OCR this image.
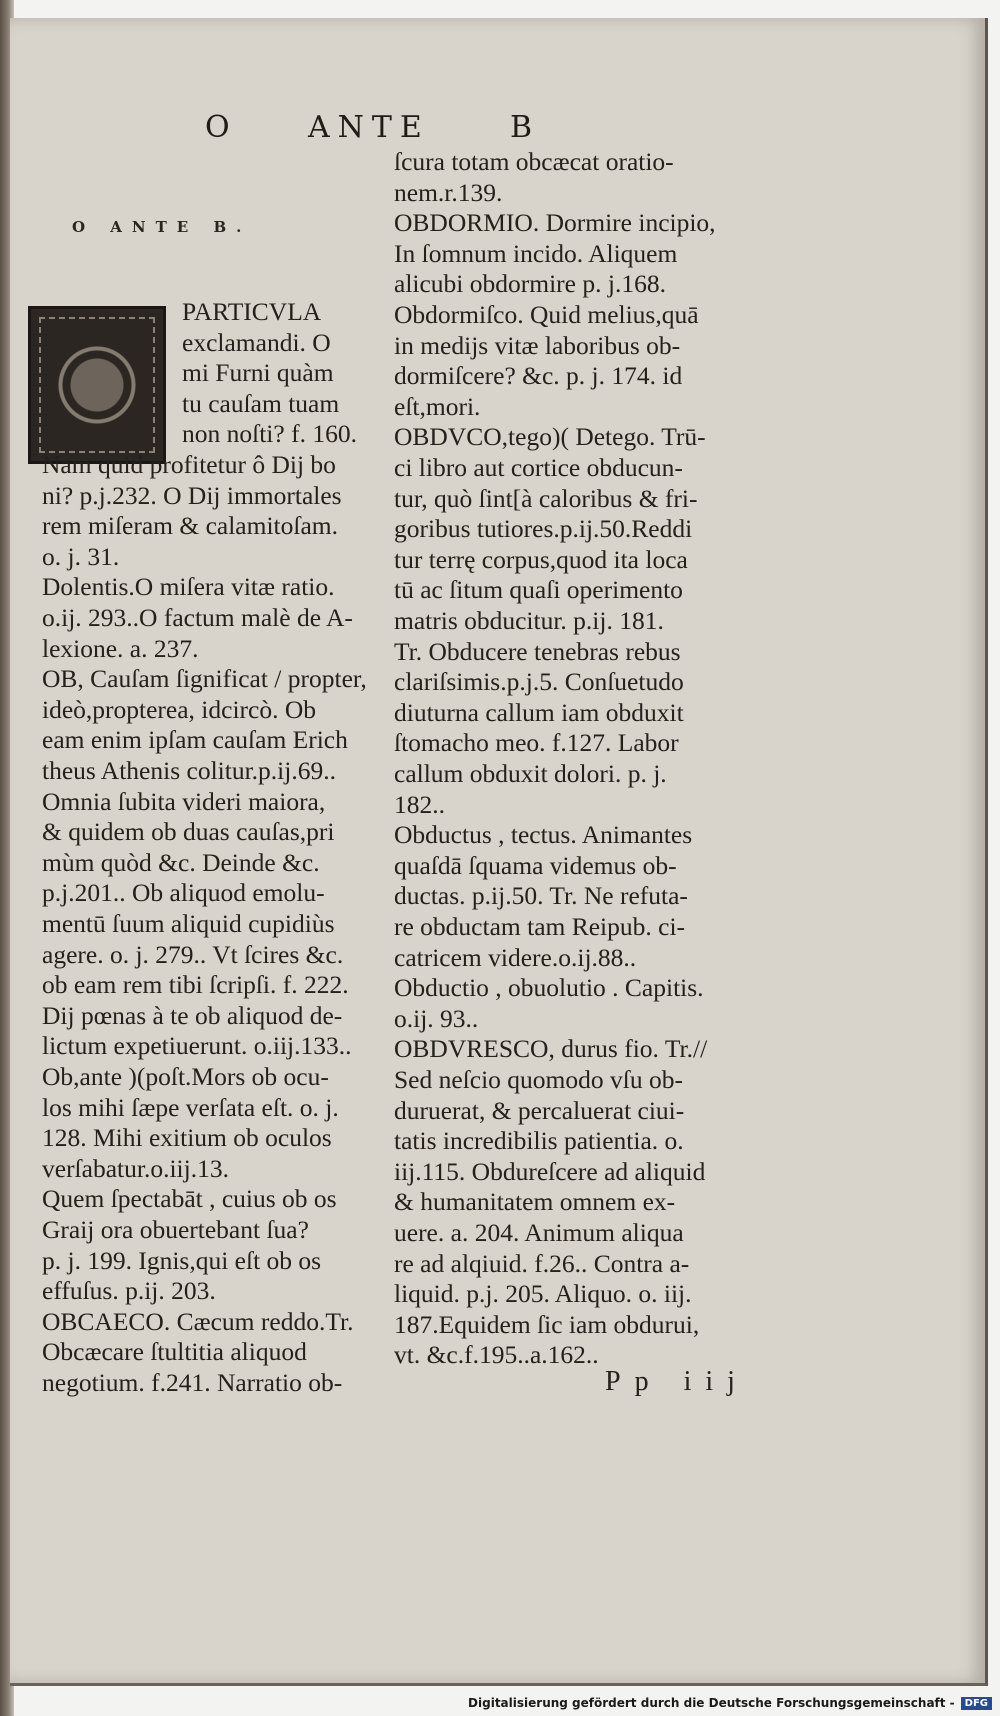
O ANTE	B
O ANTE B.
PARTICVLA
exclamandi. O
mi Furni quàm
tu cauſam tuam
non noſti? f. 160.
Nam quid profitetur ô Dij bo
ni? p.j.232. O Dij immortales
rem miſeram & calamitoſam.
o. j. 31.
Dolentis.O miſera vitæ ratio.
o.ij. 293..O factum malè de A-
lexione. a. 237.
OB, Cauſam ſignificat / propter,
ideò,propterea, idcircò. Ob
eam enim ipſam cauſam Erich
theus Athenis colitur.p.ij.69..
Omnia ſubita videri maiora,
& quidem ob duas cauſas,pri
mùm quòd &c. Deinde &c.
p.j.201.. Ob aliquod emolu-
mentū ſuum aliquid cupidiùs
agere. o. j. 279.. Vt ſcires &c.
ob eam rem tibi ſcripſi. f. 222.
Dij pœnas à te ob aliquod de-
lictum expetiuerunt. o.iij.133..
Ob,ante )(poſt.Mors ob ocu-
los mihi ſæpe verſata eſt. o. j.
128. Mihi exitium ob oculos
verſabatur.o.iij.13.
Quem ſpectabāt , cuius ob os
Graij ora obuertebant ſua?
p. j. 199. Ignis,qui eſt ob os
effuſus. p.ij. 203.
OBCAECO. Cæcum reddo.Tr.
Obcæcare ſtultitia aliquod
negotium. f.241. Narratio ob-
ſcura totam obcæcat oratio-
nem.r.139.
OBDORMIO. Dormire incipio,
In ſomnum incido. Aliquem
alicubi obdormire p. j.168.
Obdormiſco. Quid melius,quā
in medijs vitæ laboribus ob-
dormiſcere? &c. p. j. 174. id
eſt,mori.
OBDVCO,tego)( Detego. Trū-
ci libro aut cortice obducun-
tur, quò ſint[à caloribus & fri-
goribus tutiores.p.ij.50.Reddi
tur terrę corpus,quod ita loca
tū ac ſitum quaſi operimento
matris obducitur. p.ij. 181.
Tr. Obducere tenebras rebus
clariſsimis.p.j.5. Conſuetudo
diuturna callum iam obduxit
ſtomacho meo. f.127. Labor
callum obduxit dolori. p. j.
182..
Obductus , tectus. Animantes
quaſdā ſquama videmus ob-
ductas. p.ij.50. Tr. Ne refuta-
re obductam tam Reipub. ci-
catricem videre.o.ij.88..
Obductio , obuolutio . Capitis.
o.ij. 93..
OBDVRESCO, durus fio. Tr.//
Sed neſcio quomodo vſu ob-
duruerat, & percaluerat ciui-
tatis incredibilis patientia. o.
iij.115. Obdureſcere ad aliquid
& humanitatem omnem ex-
uere. a. 204. Animum aliqua
re ad alqiuid. f.26.. Contra a-
liquid. p.j. 205. Aliquo. o. iij.
187.Equidem ſic iam obdurui,
vt. &c.f.195..a.162..
Pp iij
Digitalisierung gefördert durch die Deutsche Forschungsgemeinschaft -	DFG
